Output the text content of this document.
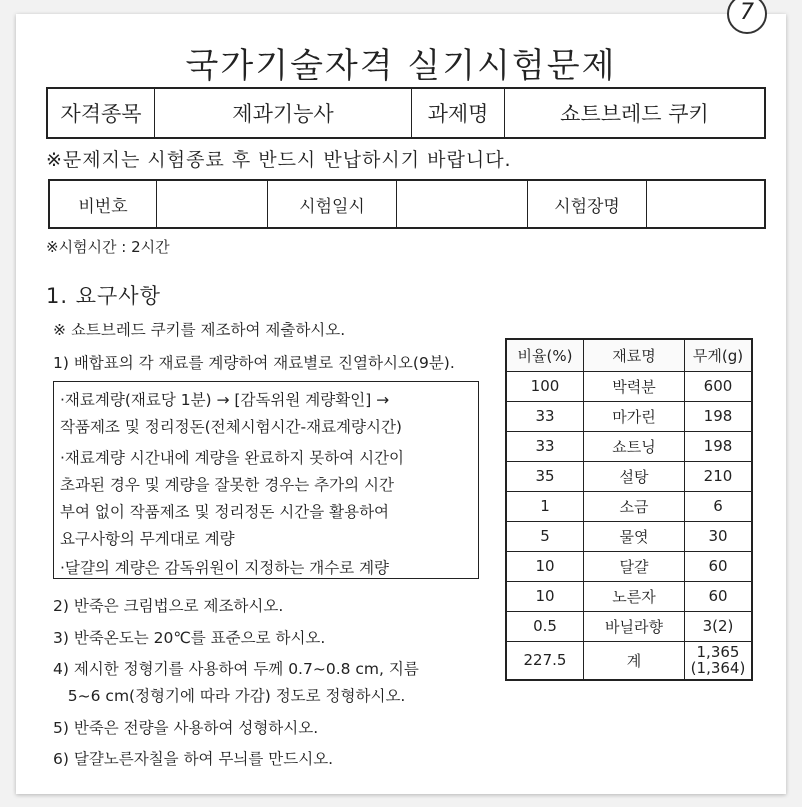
7
국가기술자격 실기시험문제
자격종목	제과기능사	과제명	쇼트브레드 쿠키
※문제지는 시험종료 후 반드시 반납하시기 바랍니다.
비번호		시험일시		시험장명	
※시험시간 : 2시간
1. 요구사항
※ 쇼트브레드 쿠키를 제조하여 제출하시오.
1) 배합표의 각 재료를 계량하여 재료별로 진열하시오(9분).
·재료계량(재료당 1분) → [감독위원 계량확인] →
작품제조 및 정리정돈(전체시험시간-재료계량시간)
·재료계량 시간내에 계량을 완료하지 못하여 시간이
초과된 경우 및 계량을 잘못한 경우는 추가의 시간
부여 없이 작품제조 및 정리정돈 시간을 활용하여
요구사항의 무게대로 계량
·달걀의 계량은 감독위원이 지정하는 개수로 계량
2) 반죽은 크림법으로 제조하시오.
3) 반죽온도는 20℃를 표준으로 하시오.
4) 제시한 정형기를 사용하여 두께 0.7~0.8 cm, 지름
5~6 cm(정형기에 따라 가감) 정도로 정형하시오.
5) 반죽은 전량을 사용하여 성형하시오.
6) 달걀노른자칠을 하여 무늬를 만드시오.
비율(%)	재료명	무게(g)
100	박력분	600
33	마가린	198
33	쇼트닝	198
35	설탕	210
1	소금	6
5	물엿	30
10	달걀	60
10	노른자	60
0.5	바닐라향	3(2)
227.5	계	1,365
(1,364)
